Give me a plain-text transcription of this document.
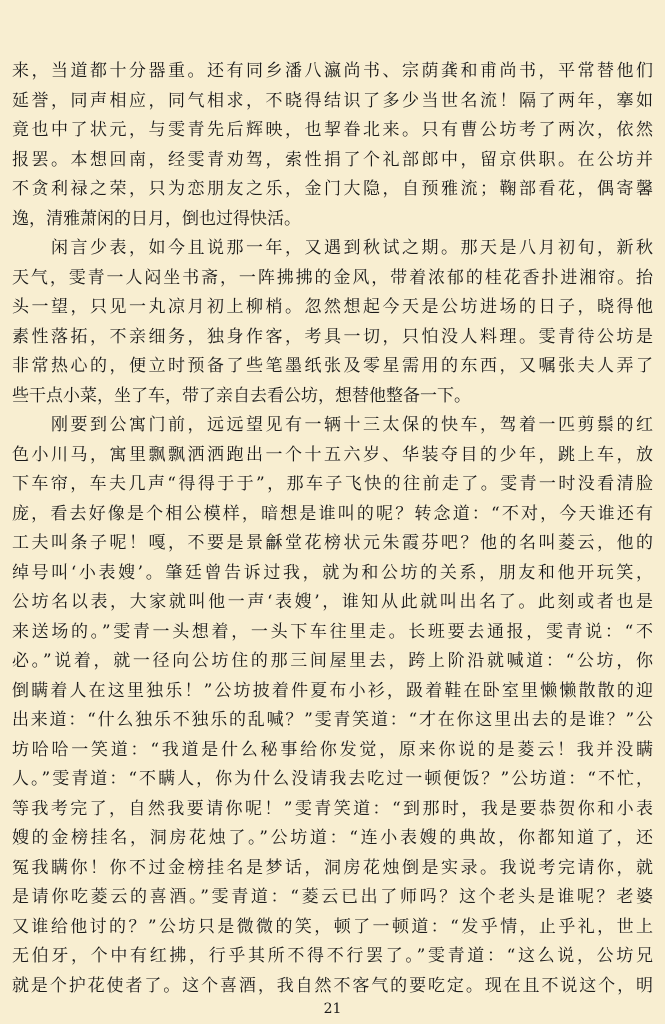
来，当道都十分器重。还有同乡潘八瀛尚书、宗荫龚和甫尚书，平常替他们
延誉，同声相应，同气相求，不晓得结识了多少当世名流！隔了两年，搴如
竟也中了状元，与雯青先后辉映，也挈眷北来。只有曹公坊考了两次，依然
报罢。本想回南，经雯青劝驾，索性捐了个礼部郎中，留京供职。在公坊并
不贪利禄之荣，只为恋朋友之乐，金门大隐，自预雅流；鞠部看花，偶寄馨
逸，清雅萧闲的日月，倒也过得快活。
　　闲言少表，如今且说那一年，又遇到秋试之期。那天是八月初旬，新秋
天气，雯青一人闷坐书斋，一阵拂拂的金风，带着浓郁的桂花香扑进湘帘。抬
头一望，只见一丸凉月初上柳梢。忽然想起今天是公坊进场的日子，晓得他
素性落拓，不亲细务，独身作客，考具一切，只怕没人料理。雯青待公坊是
非常热心的，便立时预备了些笔墨纸张及零星需用的东西，又嘱张夫人弄了
些干点小菜，坐了车，带了亲自去看公坊，想替他整备一下。
　　刚要到公寓门前，远远望见有一辆十三太保的快车，驾着一匹剪鬃的红
色小川马，寓里飘飘洒洒跑出一个十五六岁、华装夺目的少年，跳上车，放
下车帘，车夫几声“得得于于”，那车子飞快的往前走了。雯青一时没看清脸
庞，看去好像是个相公模样，暗想是谁叫的呢？转念道：“不对，今天谁还有
工夫叫条子呢！嘎，不要是景龢堂花榜状元朱霞芬吧？他的名叫菱云，他的
绰号叫‘小表嫂’。肇廷曾告诉过我，就为和公坊的关系，朋友和他开玩笑，
公坊名以表，大家就叫他一声‘表嫂’，谁知从此就叫出名了。此刻或者也是
来送场的。”雯青一头想着，一头下车往里走。长班要去通报，雯青说：“不
必。”说着，就一径向公坊住的那三间屋里去，跨上阶沿就喊道：“公坊，你
倒瞒着人在这里独乐！”公坊披着件夏布小衫，趿着鞋在卧室里懒懒散散的迎
出来道：“什么独乐不独乐的乱喊？”雯青笑道：“才在你这里出去的是谁？”公
坊哈哈一笑道：“我道是什么秘事给你发觉，原来你说的是菱云！我并没瞒
人。”雯青道：“不瞒人，你为什么没请我去吃过一顿便饭？”公坊道：“不忙，
等我考完了，自然我要请你呢！”雯青笑道：“到那时，我是要恭贺你和小表
嫂的金榜挂名，洞房花烛了。”公坊道：“连小表嫂的典故，你都知道了，还
冤我瞒你！你不过金榜挂名是梦话，洞房花烛倒是实录。我说考完请你，就
是请你吃菱云的喜酒。”雯青道：“菱云已出了师吗？这个老头是谁呢？老婆
又谁给他讨的？”公坊只是微微的笑，顿了一顿道：“发乎情，止乎礼，世上
无伯牙，个中有红拂，行乎其所不得不行罢了。”雯青道：“这么说，公坊兄
就是个护花使者了。这个喜酒，我自然不客气的要吃定。现在且不说这个，明
21
